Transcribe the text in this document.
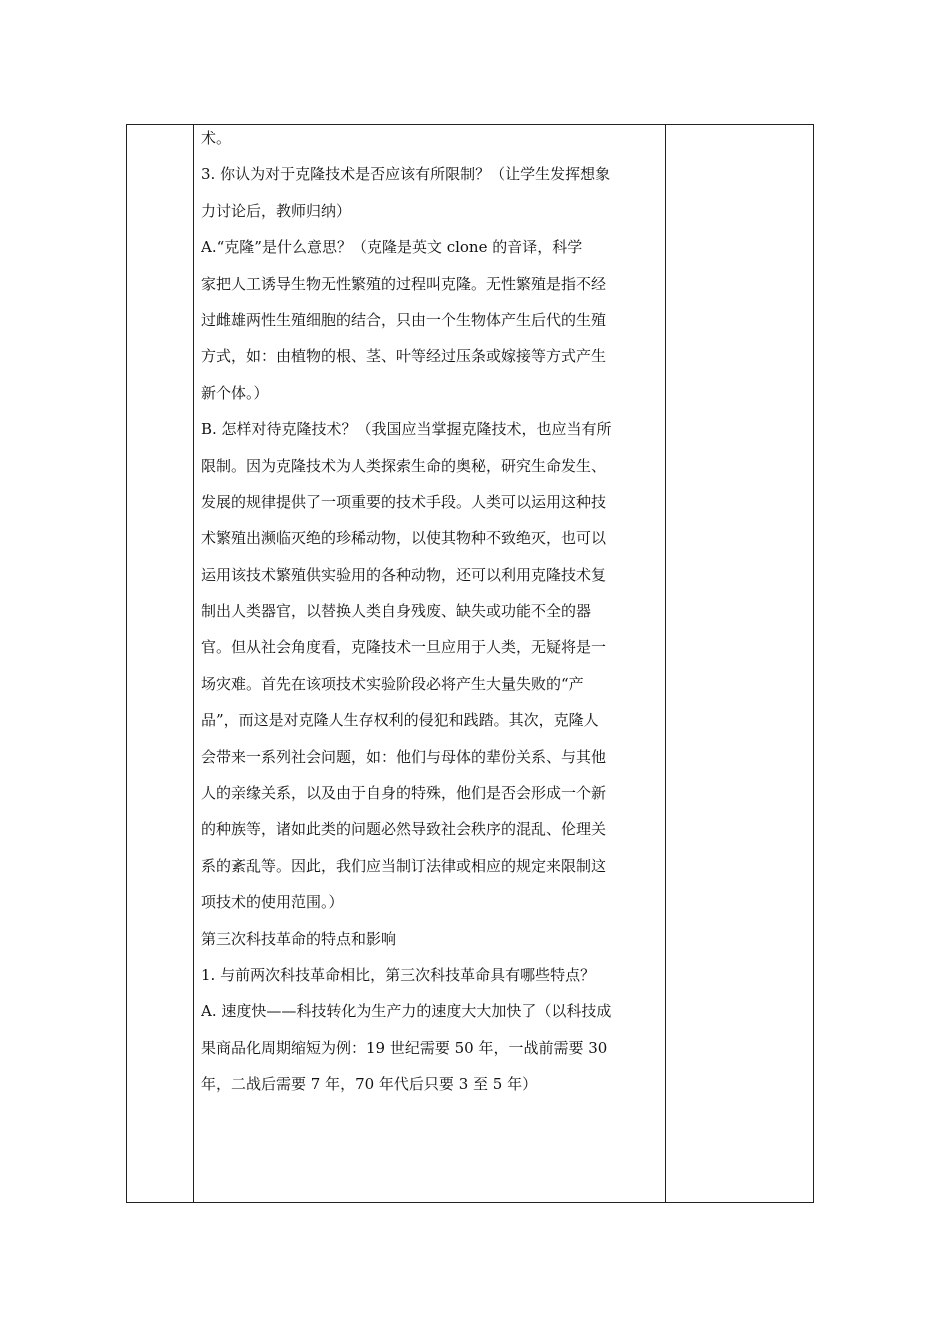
术。
3. 你认为对于克隆技术是否应该有所限制？（让学生发挥想象
力讨论后，教师归纳）
A.“克隆”是什么意思？（克隆是英文 clone 的音译，科学
家把人工诱导生物无性繁殖的过程叫克隆。无性繁殖是指不经
过雌雄两性生殖细胞的结合，只由一个生物体产生后代的生殖
方式，如：由植物的根、茎、叶等经过压条或嫁接等方式产生
新个体。）
B. 怎样对待克隆技术？（我国应当掌握克隆技术，也应当有所
限制。因为克隆技术为人类探索生命的奥秘，研究生命发生、
发展的规律提供了一项重要的技术手段。人类可以运用这种技
术繁殖出濒临灭绝的珍稀动物，以使其物种不致绝灭，也可以
运用该技术繁殖供实验用的各种动物，还可以利用克隆技术复
制出人类器官，以替换人类自身残废、缺失或功能不全的器
官。但从社会角度看，克隆技术一旦应用于人类，无疑将是一
场灾难。首先在该项技术实验阶段必将产生大量失败的“产
品”，而这是对克隆人生存权利的侵犯和践踏。其次，克隆人
会带来一系列社会问题，如：他们与母体的辈份关系、与其他
人的亲缘关系，以及由于自身的特殊，他们是否会形成一个新
的种族等，诸如此类的问题必然导致社会秩序的混乱、伦理关
系的紊乱等。因此，我们应当制订法律或相应的规定来限制这
项技术的使用范围。）
第三次科技革命的特点和影响
1. 与前两次科技革命相比，第三次科技革命具有哪些特点？
A. 速度快——科技转化为生产力的速度大大加快了（以科技成
果商品化周期缩短为例：19 世纪需要 50 年，一战前需要 30
年，二战后需要 7 年，70 年代后只要 3 至 5 年）
